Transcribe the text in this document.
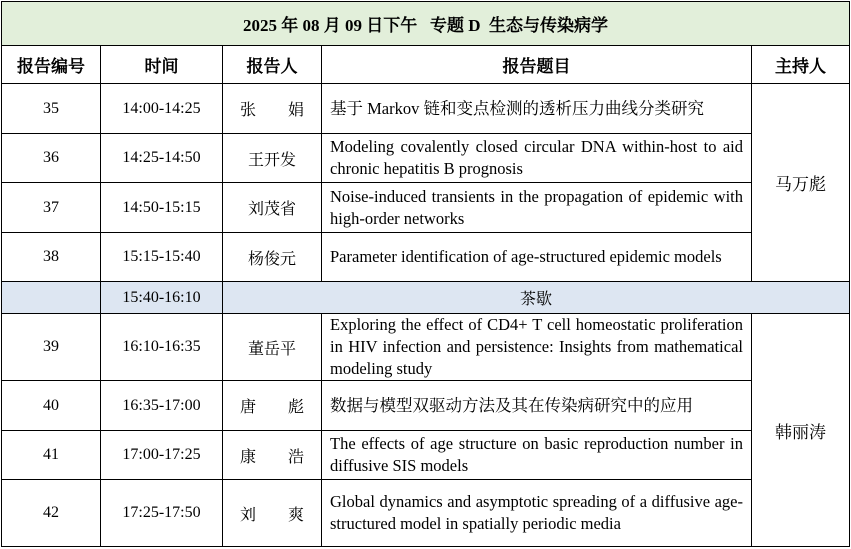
2025 年 08 月 09 日下午   专题 D  生态与传染病学				
报告编号	时间	报告人	报告题目	主持人
35	14:00-14:25	张 娟	基于 Markov 链和变点检测的透析压力曲线分类研究	马万彪
36	14:25-14:50	王开发	Modeling covalently closed circular DNA within-host to aid chronic hepatitis B prognosis	
37	14:50-15:15	刘茂省	Noise-induced transients in the propagation of epidemic with high-order networks	
38	15:15-15:40	杨俊元	Parameter identification of age-structured epidemic models	
	15:40-16:10	茶歇		
39	16:10-16:35	董岳平	Exploring the effect of CD4+ T cell homeostatic proliferation in HIV infection and persistence: Insights from mathematical modeling study	韩丽涛
40	16:35-17:00	唐 彪	数据与模型双驱动方法及其在传染病研究中的应用	
41	17:00-17:25	康 浩	The effects of age structure on basic reproduction number in diffusive SIS models	
42	17:25-17:50	刘 爽	Global dynamics and asymptotic spreading of a diffusive age-structured model in spatially periodic media	
